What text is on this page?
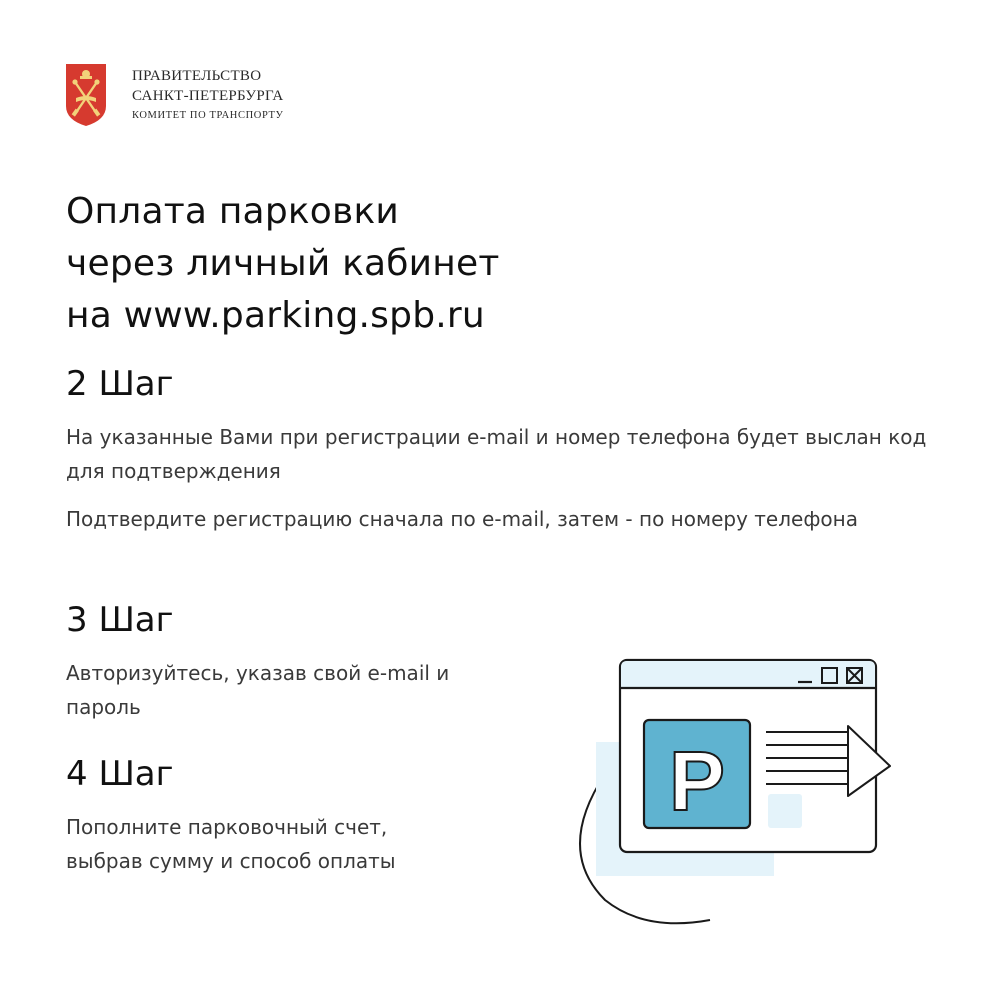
ПРАВИТЕЛЬСТВО
САНКТ-ПЕТЕРБУРГА
КОМИТЕТ ПО ТРАНСПОРТУ
Оплата парковки
через личный кабинет
на www.parking.spb.ru
2 Шаг

На указанные Вами при регистрации e-mail и номер телефона будет выслан код для подтверждения

Подтвердите регистрацию сначала по e-mail, затем - по номеру телефона

3 Шаг

Авторизуйтесь, указав свой e-mail и пароль

4 Шаг

Пополните парковочный счет, выбрав сумму и способ оплаты

P
